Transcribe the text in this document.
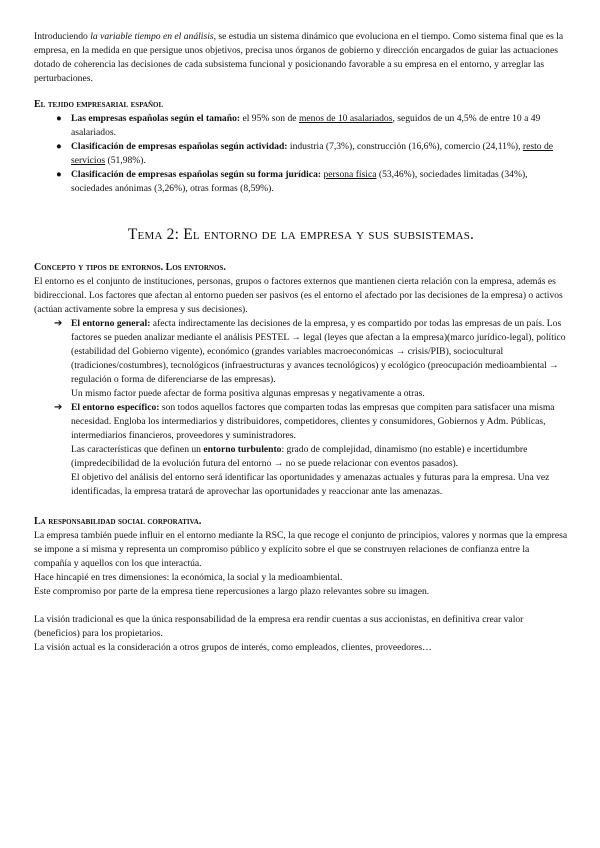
Introduciendo la variable tiempo en el análisis, se estudia un sistema dinámico que evoluciona en el tiempo. Como sistema final que es la empresa, en la medida en que persigue unos objetivos, precisa unos órganos de gobierno y dirección encargados de guiar las actuaciones dotado de coherencia las decisiones de cada subsistema funcional y posicionando favorable a su empresa en el entorno, y arreglar las perturbaciones.

El tejido empresarial español

● Las empresas españolas según el tamaño: el 95% son de menos de 10 asalariados, seguidos de un 4,5% de entre 10 a 49 asalariados.
● Clasificación de empresas españolas según actividad: industria (7,3%), construcción (16,6%), comercio (24,11%), resto de servicios (51,98%).
● Clasificación de empresas españolas según su forma jurídica: persona física (53,46%), sociedades limitadas (34%), sociedades anónimas (3,26%), otras formas (8,59%).
Tema 2: El entorno de la empresa y sus subsistemas.

Concepto y tipos de entornos. Los entornos.

El entorno es el conjunto de instituciones, personas, grupos o factores externos que mantienen cierta relación con la empresa, además es bidireccional. Los factores que afectan al entorno pueden ser pasivos (es el entorno el afectado por las decisiones de la empresa) o activos (actúan activamente sobre la empresa y sus decisiones).

➔ El entorno general: afecta indirectamente las decisiones de la empresa, y es compartido por todas las empresas de un país. Los factores se pueden analizar mediante el análisis PESTEL → legal (leyes que afectan a la empresa)(marco jurídico-legal), político (estabilidad del Gobierno vigente), económico (grandes variables macroeconómicas → crisis/PIB), sociocultural (tradiciones/costumbres), tecnológicos (infraestructuras y avances tecnológicos) y ecológico (preocupación medioambiental → regulación o forma de diferenciarse de las empresas).

Un mismo factor puede afectar de forma positiva algunas empresas y negativamente a otras.

➔ El entorno específico: son todos aquellos factores que comparten todas las empresas que compiten para satisfacer una misma necesidad. Engloba los intermediarios y distribuidores, competidores, clientes y consumidores, Gobiernos y Adm. Públicas, intermediarios financieros, proveedores y suministradores.

Las características que definen un entorno turbulento: grado de complejidad, dinamismo (no estable) e incertidumbre (impredecibilidad de la evolución futura del entorno → no se puede relacionar con eventos pasados).

El objetivo del análisis del entorno será identificar las oportunidades y amenazas actuales y futuras para la empresa. Una vez identificadas, la empresa tratará de aprovechar las oportunidades y reaccionar ante las amenazas.

La responsabilidad social corporativa.

La empresa también puede influir en el entorno mediante la RSC, la que recoge el conjunto de principios, valores y normas que la empresa se impone a sí misma y representa un compromiso público y explícito sobre el que se construyen relaciones de confianza entre la compañía y aquellos con los que interactúa.

Hace hincapié en tres dimensiones: la económica, la social y la medioambiental.

Este compromiso por parte de la empresa tiene repercusiones a largo plazo relevantes sobre su imagen.

La visión tradicional es que la única responsabilidad de la empresa era rendir cuentas a sus accionistas, en definitiva crear valor (beneficios) para los propietarios.

La visión actual es la consideración a otros grupos de interés, como empleados, clientes, proveedores…
